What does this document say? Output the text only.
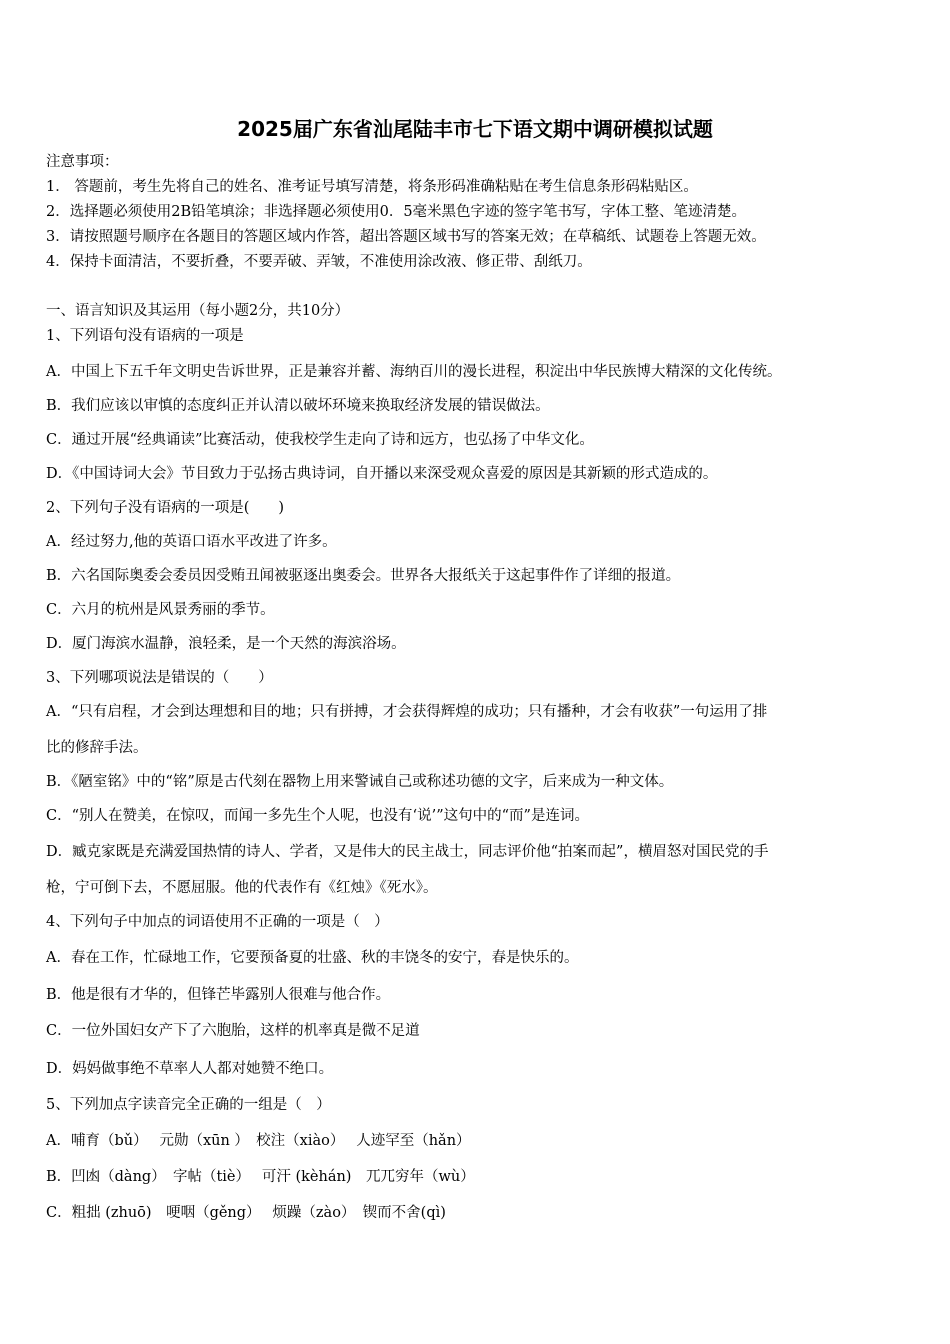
2025届广东省汕尾陆丰市七下语文期中调研模拟试题
注意事项：
1． 答题前，考生先将自己的姓名、准考证号填写清楚，将条形码准确粘贴在考生信息条形码粘贴区。
2．选择题必须使用2B铅笔填涂；非选择题必须使用0．5毫米黑色字迹的签字笔书写，字体工整、笔迹清楚。
3．请按照题号顺序在各题目的答题区域内作答，超出答题区域书写的答案无效；在草稿纸、试题卷上答题无效。
4．保持卡面清洁，不要折叠，不要弄破、弄皱，不准使用涂改液、修正带、刮纸刀。
一、语言知识及其运用（每小题2分，共10分）
1、下列语句没有语病的一项是
A．中国上下五千年文明史告诉世界，正是兼容并蓄、海纳百川的漫长进程，积淀出中华民族博大精深的文化传统。
B．我们应该以审慎的态度纠正并认清以破坏环境来换取经济发展的错误做法。
C．通过开展“经典诵读”比赛活动，使我校学生走向了诗和远方，也弘扬了中华文化。
D．《中国诗词大会》节目致力于弘扬古典诗词，自开播以来深受观众喜爱的原因是其新颖的形式造成的。
2、下列句子没有语病的一项是(　　)
A．经过努力,他的英语口语水平改进了许多。
B．六名国际奥委会委员因受贿丑闻被驱逐出奥委会。世界各大报纸关于这起事件作了详细的报道。
C．六月的杭州是风景秀丽的季节。
D．厦门海滨水温静，浪轻柔，是一个天然的海滨浴场。
3、下列哪项说法是错误的（　　）
A．“只有启程，才会到达理想和目的地；只有拼搏，才会获得辉煌的成功；只有播种，才会有收获”一句运用了排
比的修辞手法。
B．《陋室铭》中的“铭”原是古代刻在器物上用来警诫自己或称述功德的文字，后来成为一种文体。
C．“别人在赞美，在惊叹，而闻一多先生个人呢，也没有‘说’”这句中的“而”是连词。
D．臧克家既是充满爱国热情的诗人、学者，又是伟大的民主战士，同志评价他“拍案而起”，横眉怒对国民党的手
枪，宁可倒下去，不愿屈服。他的代表作有《红烛》《死水》。
4、下列句子中加点的词语使用不正确的一项是（　）
A．春在工作，忙碌地工作，它要预备夏的壮盛、秋的丰饶冬的安宁，春是快乐的。
B．他是很有才华的，但锋芒毕露别人很难与他合作。
C．一位外国妇女产下了六胞胎，这样的机率真是微不足道
D．妈妈做事绝不草率人人都对她赞不绝口。
5、下列加点字读音完全正确的一组是（　）
A．哺育（bǔ）　 元勋（xūn ）　校注（xiào）　 人迹罕至（hǎn）
B．凹凼（dàng）　字帖（tiè）　 可汗 (kèhán)　兀兀穷年（wù）
C．粗拙 (zhuō)　哽咽（gěng）　 烦躁（zào）　锲而不舍(qì)
